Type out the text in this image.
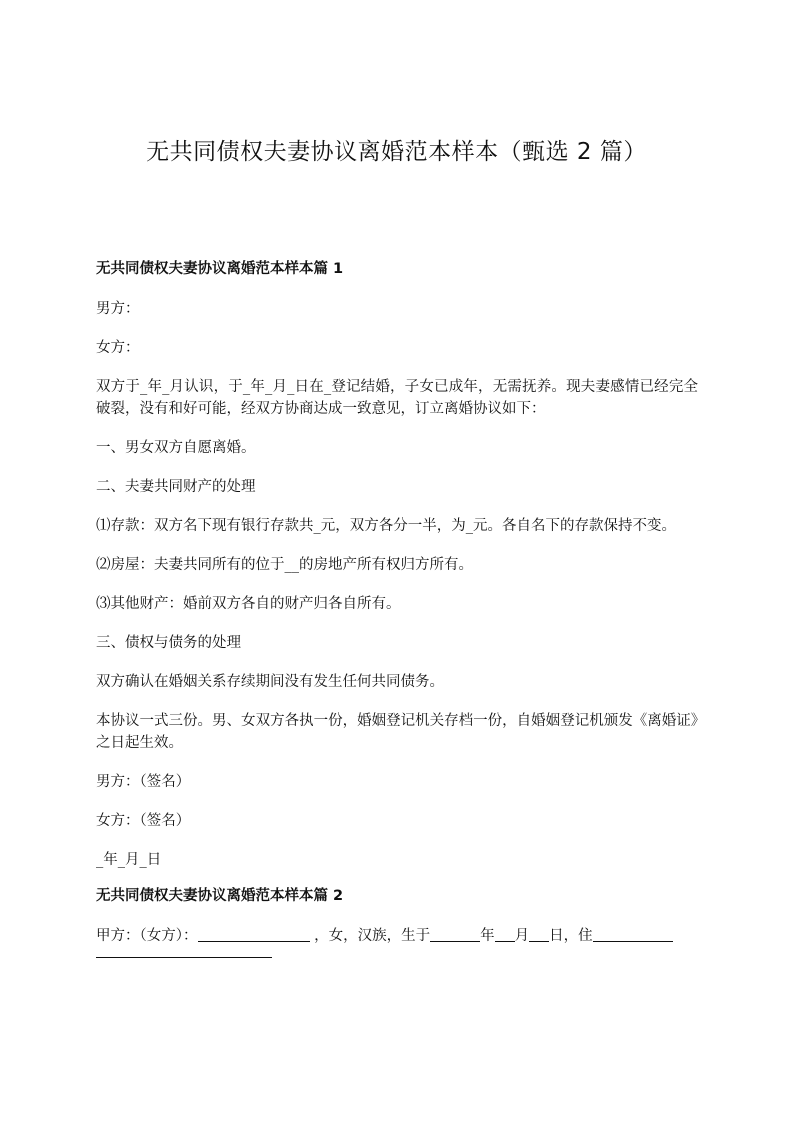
无共同债权夫妻协议离婚范本样本（甄选 2 篇）
无共同债权夫妻协议离婚范本样本篇 1
男方：
女方：
双方于_年_月认识，于_年_月_日在_登记结婚，子女已成年，无需抚养。现夫妻感情已经完全破裂，没有和好可能，经双方协商达成一致意见，订立离婚协议如下：
一、男女双方自愿离婚。
二、夫妻共同财产的处理
⑴存款：双方名下现有银行存款共_元，双方各分一半，为_元。各自名下的存款保持不变。
⑵房屋：夫妻共同所有的位于__的房地产所有权归方所有。
⑶其他财产：婚前双方各自的财产归各自所有。
三、债权与债务的处理
双方确认在婚姻关系存续期间没有发生任何共同债务。
本协议一式三份。男、女双方各执一份，婚姻登记机关存档一份，自婚姻登记机颁发《离婚证》之日起生效。
男方：（签名）
女方：（签名）
_年_月_日
无共同债权夫妻协议离婚范本样本篇 2
甲方：（女方）：	，女，汉族，生于	年 月 日，住
